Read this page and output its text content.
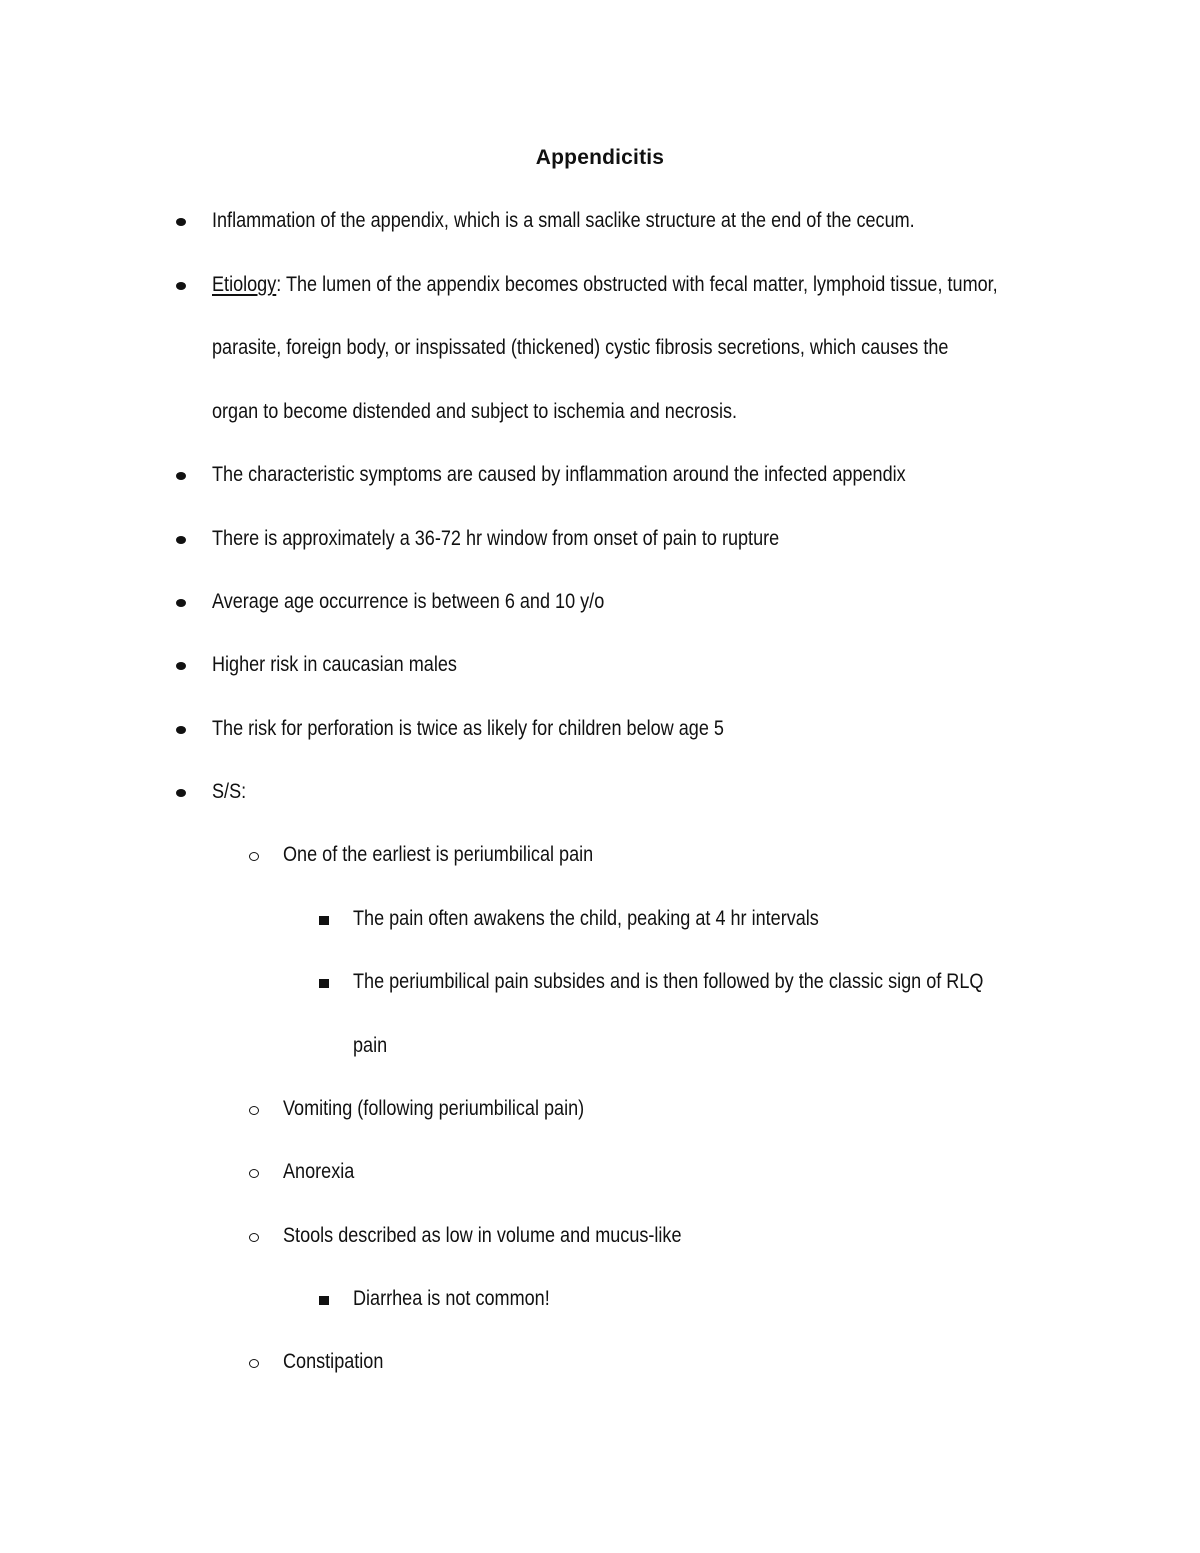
Appendicitis
Inflammation of the appendix, which is a small saclike structure at the end of the cecum.
Etiology: The lumen of the appendix becomes obstructed with fecal matter, lymphoid tissue, tumor,
parasite, foreign body, or inspissated (thickened) cystic fibrosis secretions, which causes the
organ to become distended and subject to ischemia and necrosis.
The characteristic symptoms are caused by inflammation around the infected appendix
There is approximately a 36-72 hr window from onset of pain to rupture
Average age occurrence is between 6 and 10 y/o
Higher risk in caucasian males
The risk for perforation is twice as likely for children below age 5
S/S:
One of the earliest is periumbilical pain
The pain often awakens the child, peaking at 4 hr intervals
The periumbilical pain subsides and is then followed by the classic sign of RLQ
pain
Vomiting (following periumbilical pain)
Anorexia
Stools described as low in volume and mucus-like
Diarrhea is not common!
Constipation
